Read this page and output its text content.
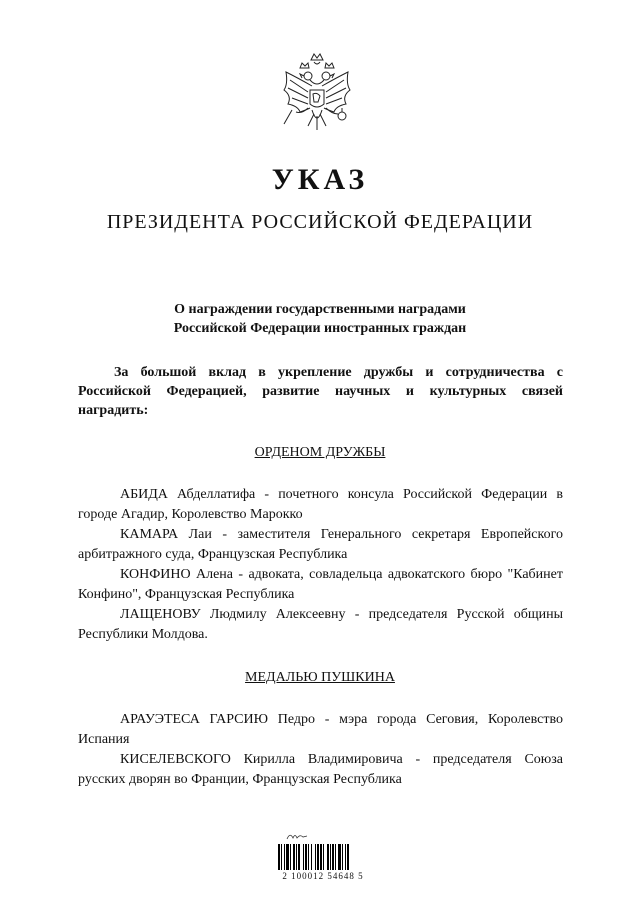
УКАЗ
ПРЕЗИДЕНТА РОССИЙСКОЙ ФЕДЕРАЦИИ
О награждении государственными наградами
Российской Федерации иностранных граждан

За большой вклад в укрепление дружбы и сотрудничества с Российской Федерацией, развитие научных и культурных связей наградить:

ОРДЕНОМ ДРУЖБЫ

АБИДА Абделлатифа - почетного консула Российской Федерации в городе Агадир, Королевство Марокко

КАМАРА Лаи - заместителя Генерального секретаря Европейского арбитражного суда, Французская Республика

КОНФИНО Алена - адвоката, совладельца адвокатского бюро "Кабинет Конфино", Французская Республика

ЛАЩЕНОВУ Людмилу Алексеевну - председателя Русской общины Республики Молдова.

МЕДАЛЬЮ ПУШКИНА

АРАУЭТЕСА ГАРСИЮ Педро - мэра города Сеговия, Королевство Испания

КИСЕЛЕВСКОГО Кирилла Владимировича - председателя Союза русских дворян во Франции, Французская Республика

2 100012 54648 5
